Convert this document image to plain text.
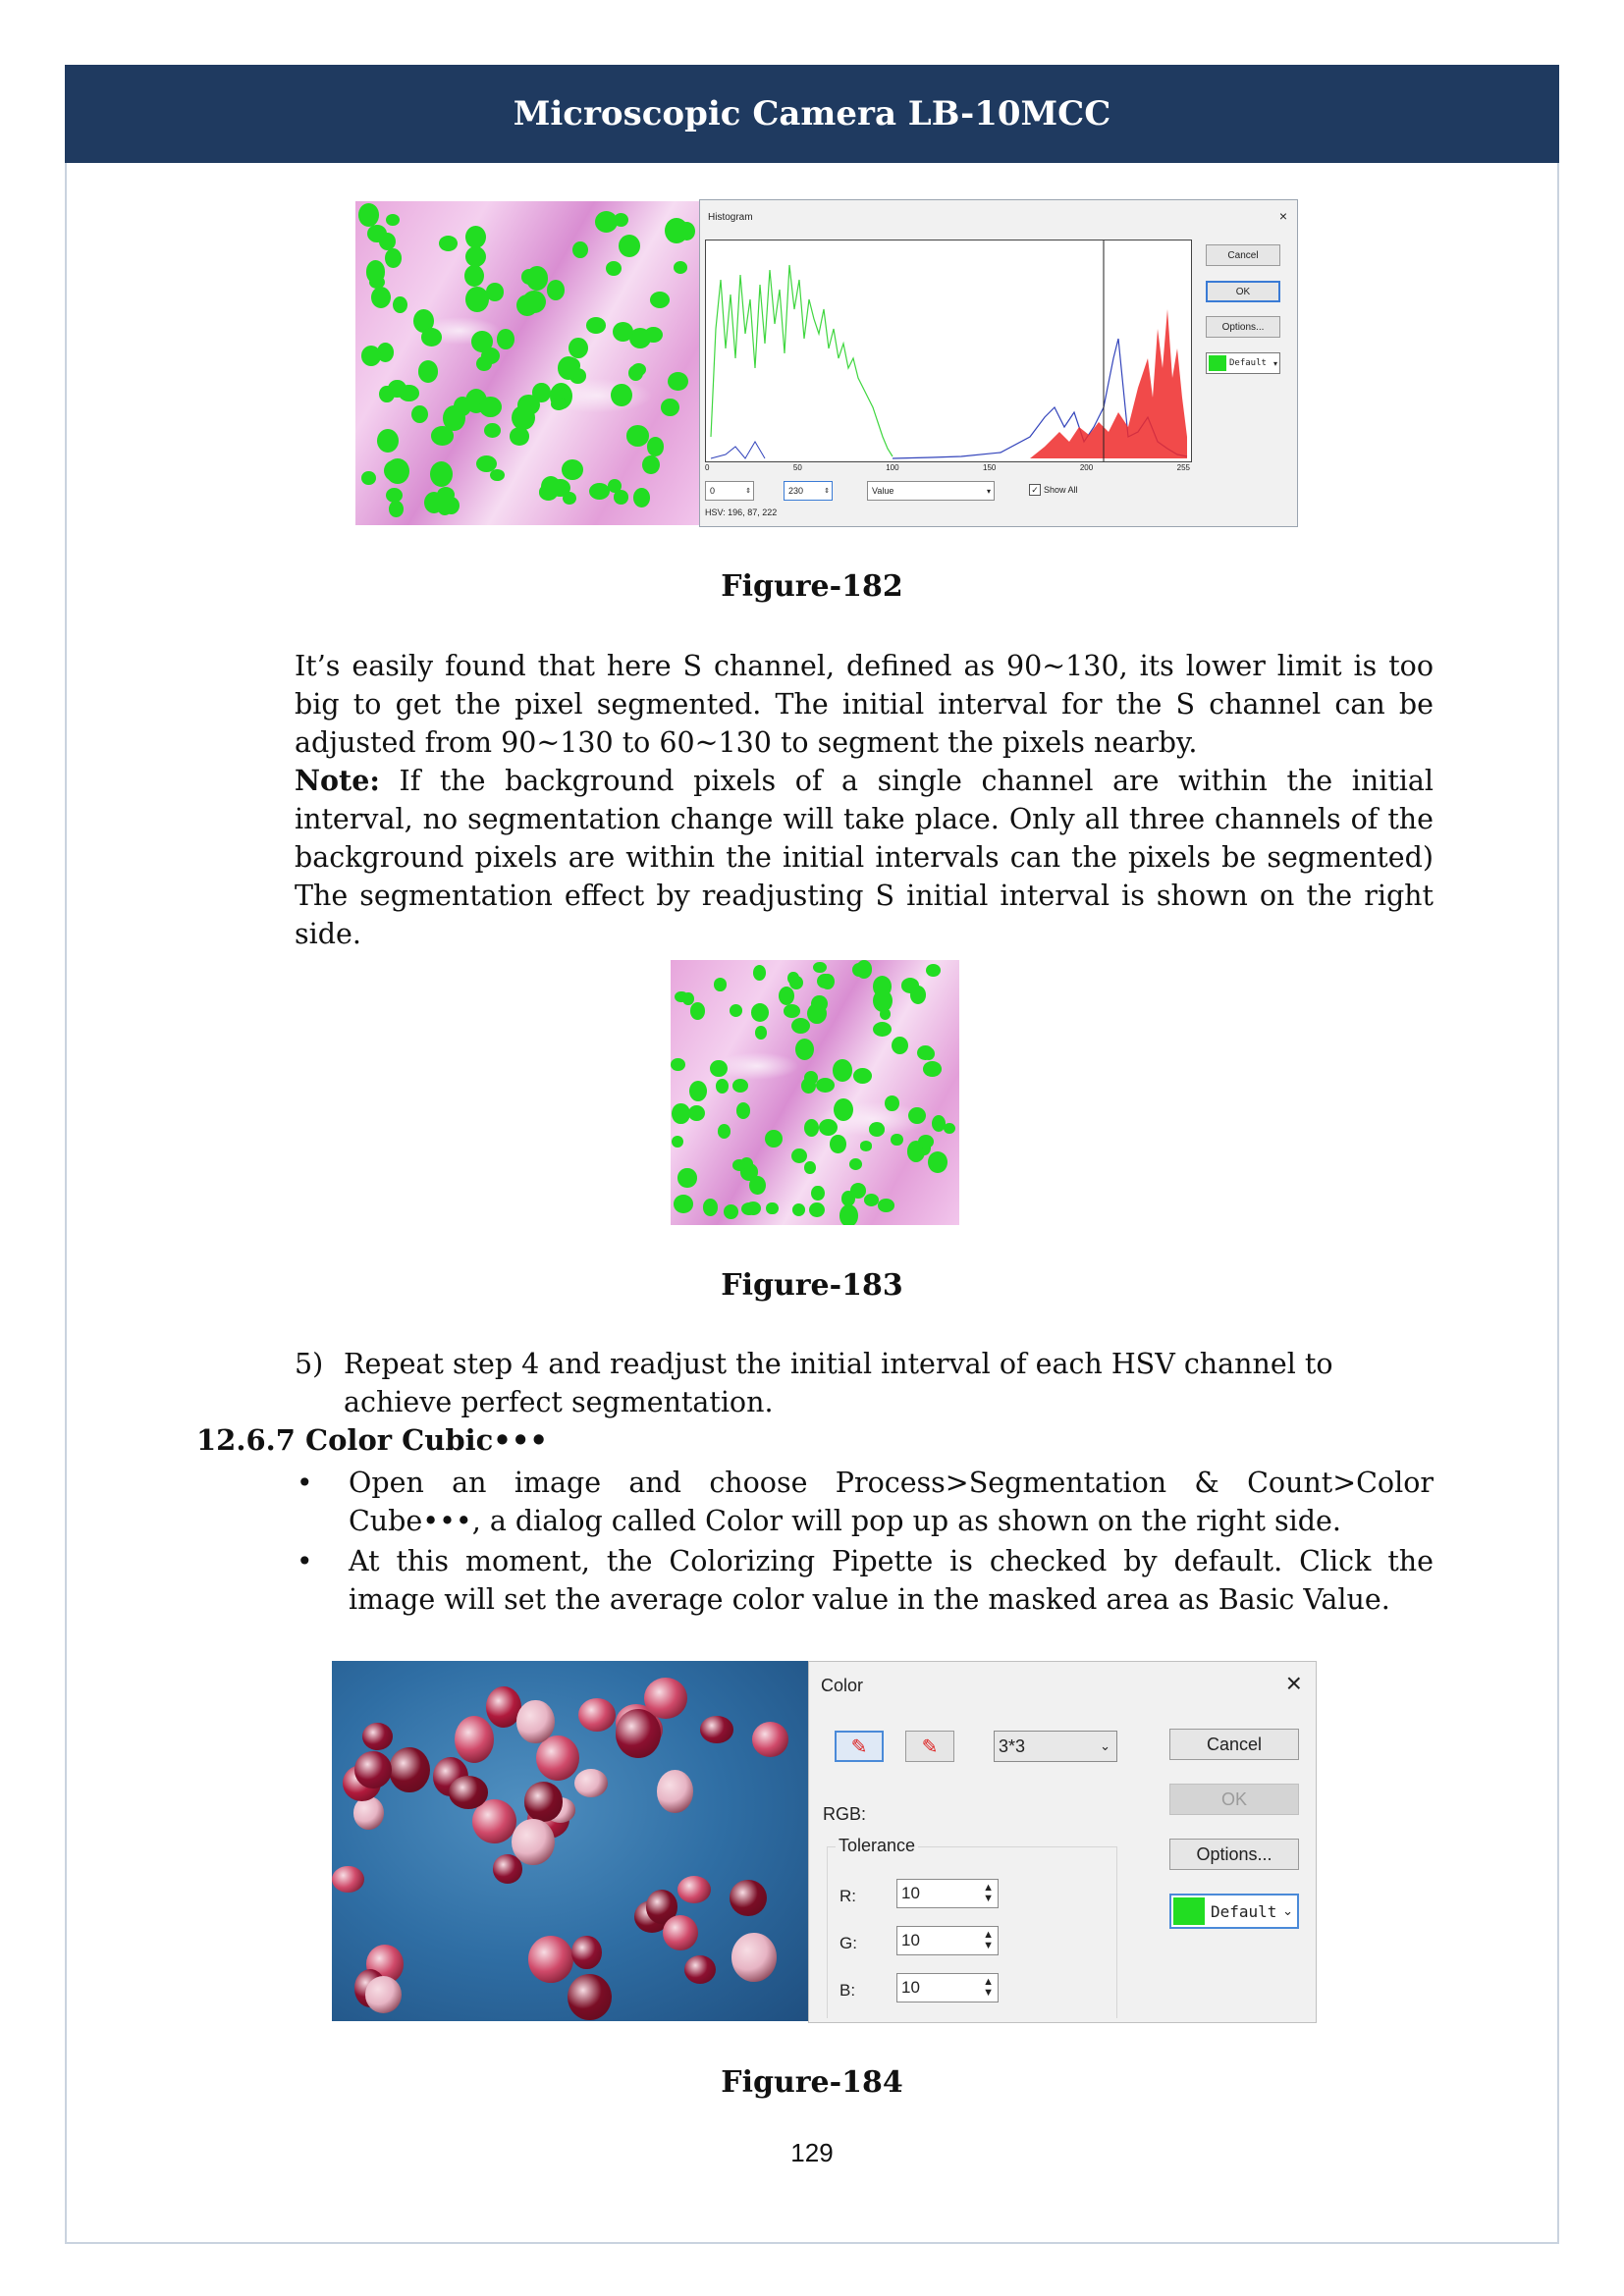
Microscopic Camera LB-10MCC
Histogram	×
0	50	100	150	200	255
Cancel
OK
Options...
Default ▾
0	⇕	230	⇕	Value	▾	✓ Show All
HSV: 196, 87, 222
Figure-182
It’s easily found that here S channel, defined as 90~130, its lower limit is too big to get the pixel segmented. The initial interval for the S channel can be adjusted from 90~130 to 60~130 to segment the pixels nearby.
Note: If the background pixels of a single channel are within the initial interval, no segmentation change will take place. Only all three channels of the background pixels are within the initial intervals can the pixels be segmented) The segmentation effect by readjusting S initial interval is shown on the right side.
Figure-183
5) Repeat step 4 and readjust the initial interval of each HSV channel to achieve perfect segmentation.
12.6.7 Color Cubic•••
• Open an image and choose Process>Segmentation & Count>Color Cube•••, a dialog called Color will pop up as shown on the right side.
• At this moment, the Colorizing Pipette is checked by default. Click the image will set the average color value in the masked area as Basic Value.
Color	×
✎	✎	3*3	⌄
RGB:
Tolerance
R:	10	▲
▼
G:	10	▲
▼
B:	10	▲
▼
Cancel
OK
Options...
Default ⌄
Figure-184
129
